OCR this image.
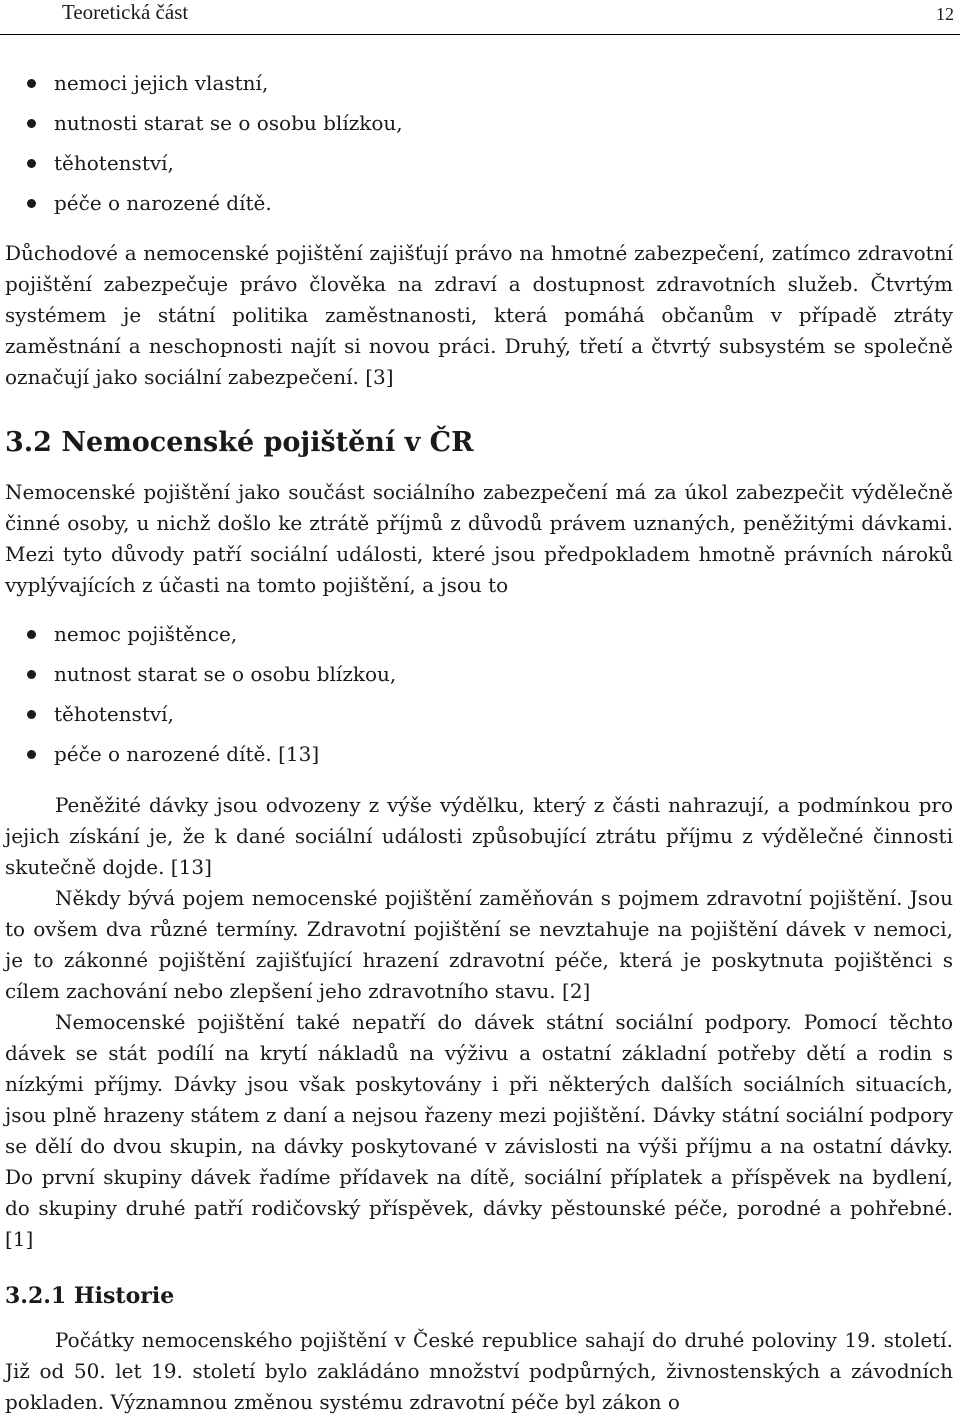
Teoretická část	12
nemoci jejich vlastní,
nutnosti starat se o osobu blízkou,
těhotenství,
péče o narozené dítě.

Důchodové a nemocenské pojištění zajišťují právo na hmotné zabezpečení, zatímco zdravotní pojištění zabezpečuje právo člověka na zdraví a dostupnost zdravotních služeb. Čtvrtým systémem je státní politika zaměstnanosti, která pomáhá občanům v případě ztráty zaměstnání a neschopnosti najít si novou práci. Druhý, třetí a čtvrtý subsystém se společně označují jako sociální zabezpečení. [3]

3.2 Nemocenské pojištění v ČR

Nemocenské pojištění jako součást sociálního zabezpečení má za úkol zabezpečit výdělečně činné osoby, u nichž došlo ke ztrátě příjmů z důvodů právem uznaných, peněžitými dávkami. Mezi tyto důvody patří sociální události, které jsou předpokladem hmotně právních nároků vyplývajících z účasti na tomto pojištění, a jsou to

nemoc pojištěnce,
nutnost starat se o osobu blízkou,
těhotenství,
péče o narozené dítě. [13]

Peněžité dávky jsou odvozeny z výše výdělku, který z části nahrazují, a podmínkou pro jejich získání je, že k dané sociální události způsobující ztrátu příjmu z výdělečné činnosti skutečně dojde. [13]

Někdy bývá pojem nemocenské pojištění zaměňován s pojmem zdravotní pojištění. Jsou to ovšem dva různé termíny. Zdravotní pojištění se nevztahuje na pojištění dávek v nemoci, je to zákonné pojištění zajišťující hrazení zdravotní péče, která je poskytnuta pojištěnci s cílem zachování nebo zlepšení jeho zdravotního stavu. [2]

Nemocenské pojištění také nepatří do dávek státní sociální podpory. Pomocí těchto dávek se stát podílí na krytí nákladů na výživu a ostatní základní potřeby dětí a rodin s nízkými příjmy. Dávky jsou však poskytovány i při některých dalších sociálních situacích, jsou plně hrazeny státem z daní a nejsou řazeny mezi pojištění. Dávky státní sociální podpory se dělí do dvou skupin, na dávky poskytované v závislosti na výši příjmu a na ostatní dávky. Do první skupiny dávek řadíme přídavek na dítě, sociální příplatek a příspěvek na bydlení, do skupiny druhé patří rodičovský příspěvek, dávky pěstounské péče, porodné a pohřebné. [1]

3.2.1 Historie

Počátky nemocenského pojištění v České republice sahají do druhé poloviny 19. století. Již od 50. let 19. století bylo zakládáno množství podpůrných, živnostenských a závodních pokladen. Významnou změnou systému zdravotní péče byl zákon o
